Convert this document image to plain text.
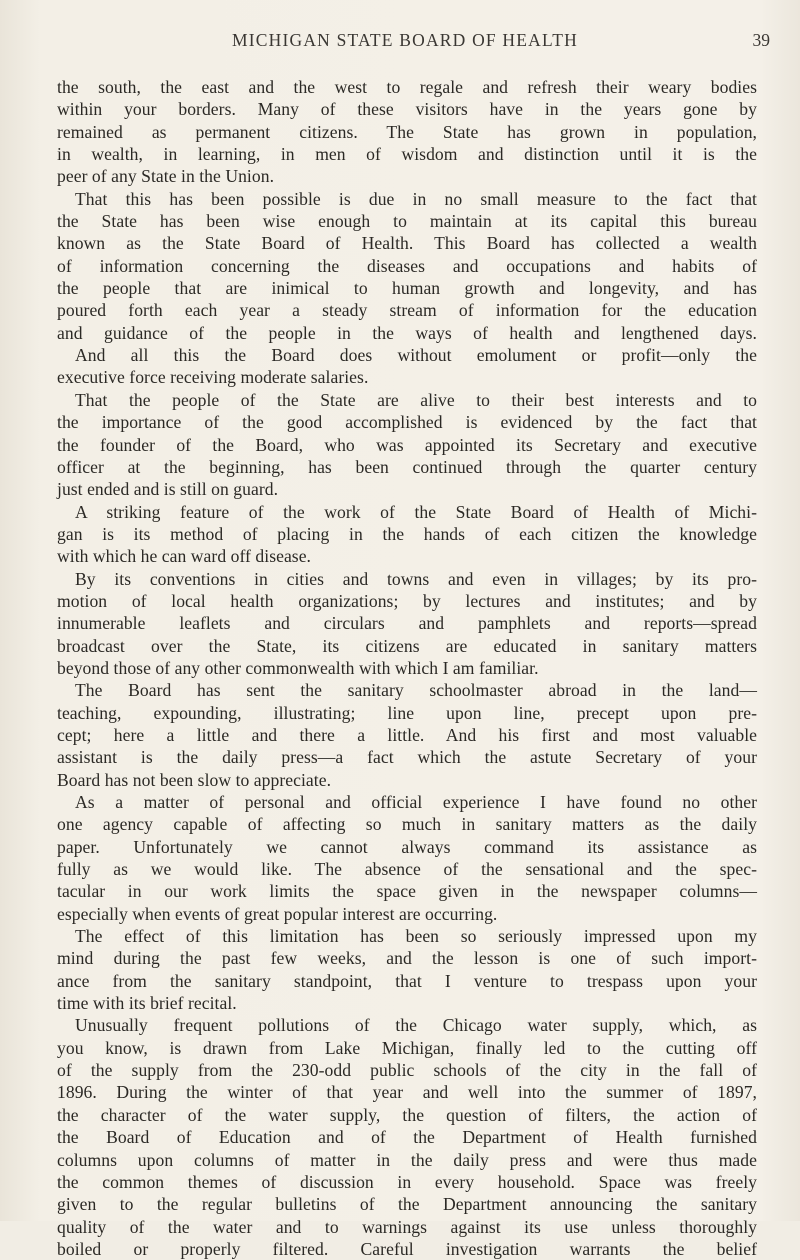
MICHIGAN STATE BOARD OF HEALTH	39
the south, the east and the west to regale and refresh their weary bodies
within your borders. Many of these visitors have in the years gone by
remained as permanent citizens. The State has grown in population,
in wealth, in learning, in men of wisdom and distinction until it is the
peer of any State in the Union.
That this has been possible is due in no small measure to the fact that
the State has been wise enough to maintain at its capital this bureau
known as the State Board of Health. This Board has collected a wealth
of information concerning the diseases and occupations and habits of
the people that are inimical to human growth and longevity, and has
poured forth each year a steady stream of information for the education
and guidance of the people in the ways of health and lengthened days.
And all this the Board does without emolument or profit—only the
executive force receiving moderate salaries.
That the people of the State are alive to their best interests and to
the importance of the good accomplished is evidenced by the fact that
the founder of the Board, who was appointed its Secretary and executive
officer at the beginning, has been continued through the quarter century
just ended and is still on guard.
A striking feature of the work of the State Board of Health of Michi-
gan is its method of placing in the hands of each citizen the knowledge
with which he can ward off disease.
By its conventions in cities and towns and even in villages; by its pro-
motion of local health organizations; by lectures and institutes; and by
innumerable leaflets and circulars and pamphlets and reports—spread
broadcast over the State, its citizens are educated in sanitary matters
beyond those of any other commonwealth with which I am familiar.
The Board has sent the sanitary schoolmaster abroad in the land—
teaching, expounding, illustrating; line upon line, precept upon pre-
cept; here a little and there a little. And his first and most valuable
assistant is the daily press—a fact which the astute Secretary of your
Board has not been slow to appreciate.
As a matter of personal and official experience I have found no other
one agency capable of affecting so much in sanitary matters as the daily
paper. Unfortunately we cannot always command its assistance as
fully as we would like. The absence of the sensational and the spec-
tacular in our work limits the space given in the newspaper columns—
especially when events of great popular interest are occurring.
The effect of this limitation has been so seriously impressed upon my
mind during the past few weeks, and the lesson is one of such import-
ance from the sanitary standpoint, that I venture to trespass upon your
time with its brief recital.
Unusually frequent pollutions of the Chicago water supply, which, as
you know, is drawn from Lake Michigan, finally led to the cutting off
of the supply from the 230-odd public schools of the city in the fall of
1896. During the winter of that year and well into the summer of 1897,
the character of the water supply, the question of filters, the action of
the Board of Education and of the Department of Health furnished
columns upon columns of matter in the daily press and were thus made
the common themes of discussion in every household. Space was freely
given to the regular bulletins of the Department announcing the sanitary
quality of the water and to warnings against its use unless thoroughly
boiled or properly filtered. Careful investigation warrants the belief
